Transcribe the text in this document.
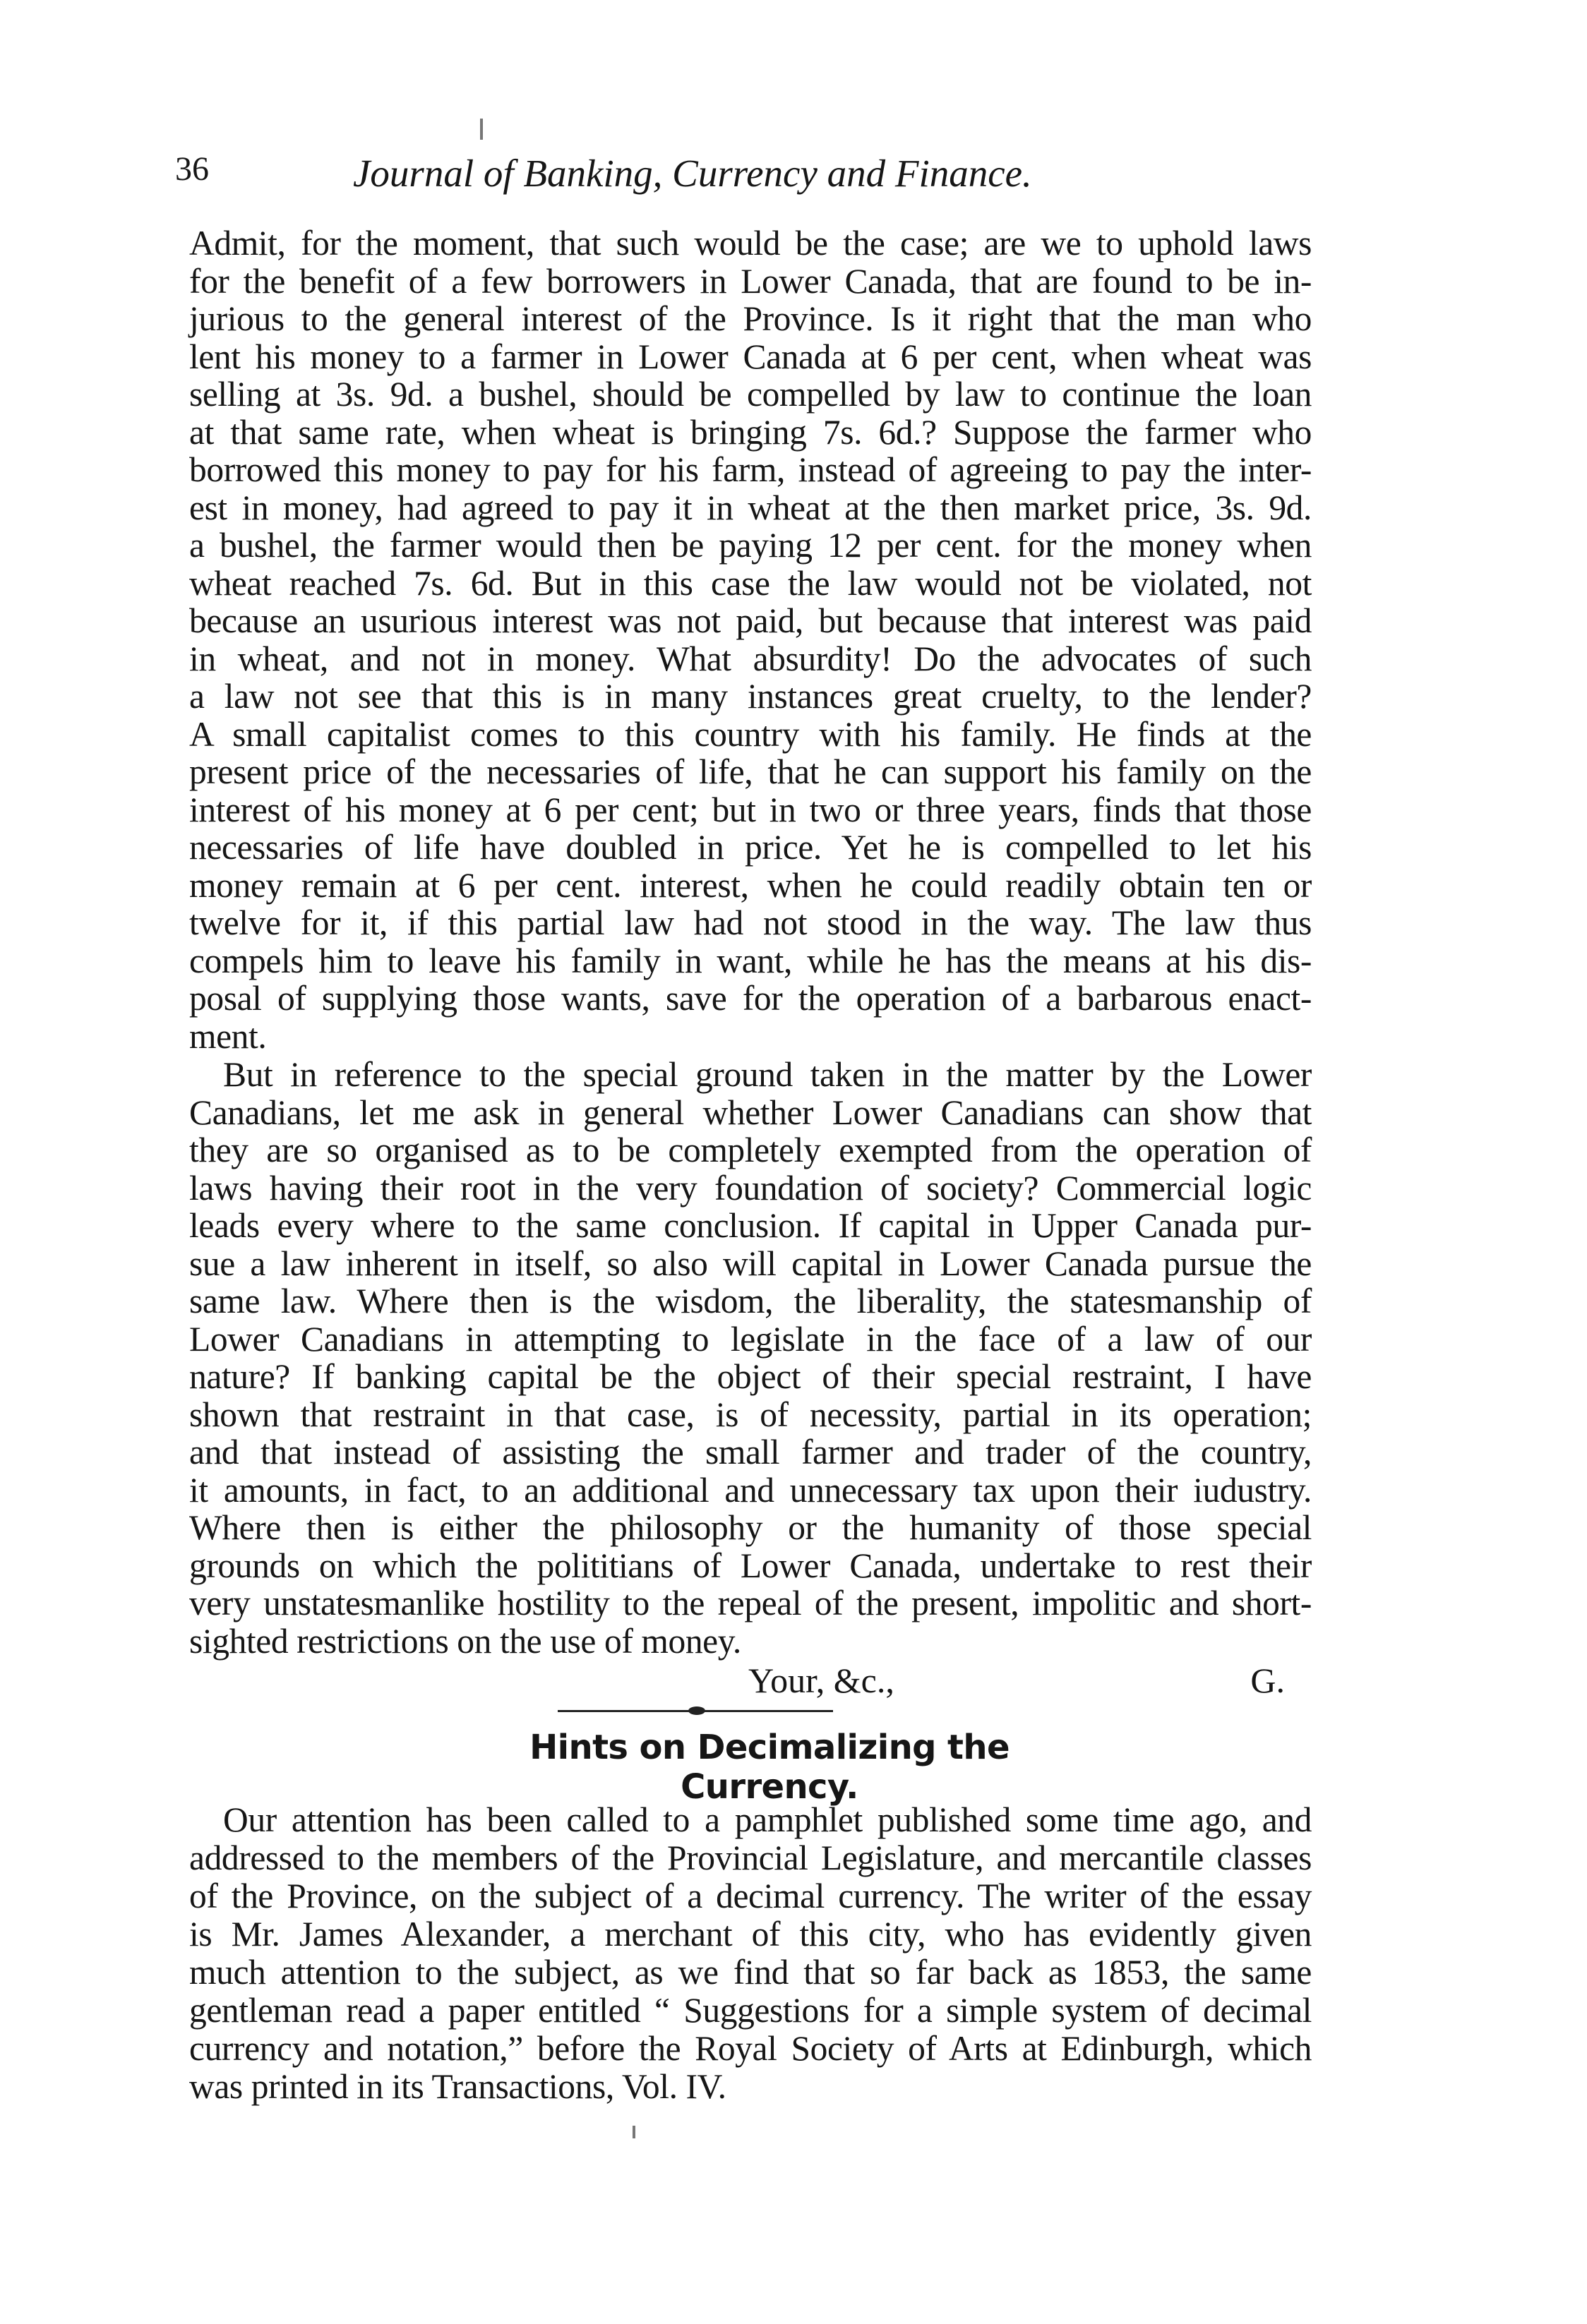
36	Journal of Banking, Currency and Finance.
Admit, for the moment, that such would be the case; are we to uphold laws
for the benefit of a few borrowers in Lower Canada, that are found to be in-
jurious to the general interest of the Province. Is it right that the man who
lent his money to a farmer in Lower Canada at 6 per cent, when wheat was
selling at 3s. 9d. a bushel, should be compelled by law to continue the loan
at that same rate, when wheat is bringing 7s. 6d.? Suppose the farmer who
borrowed this money to pay for his farm, instead of agreeing to pay the inter-
est in money, had agreed to pay it in wheat at the then market price, 3s. 9d.
a bushel, the farmer would then be paying 12 per cent. for the money when
wheat reached 7s. 6d. But in this case the law would not be violated, not
because an usurious interest was not paid, but because that interest was paid
in wheat, and not in money. What absurdity! Do the advocates of such
a law not see that this is in many instances great cruelty, to the lender?
A small capitalist comes to this country with his family. He finds at the
present price of the necessaries of life, that he can support his family on the
interest of his money at 6 per cent; but in two or three years, finds that those
necessaries of life have doubled in price. Yet he is compelled to let his
money remain at 6 per cent. interest, when he could readily obtain ten or
twelve for it, if this partial law had not stood in the way. The law thus
compels him to leave his family in want, while he has the means at his dis-
posal of supplying those wants, save for the operation of a barbarous enact-
ment.
But in reference to the special ground taken in the matter by the Lower
Canadians, let me ask in general whether Lower Canadians can show that
they are so organised as to be completely exempted from the operation of
laws having their root in the very foundation of society? Commercial logic
leads every where to the same conclusion. If capital in Upper Canada pur-
sue a law inherent in itself, so also will capital in Lower Canada pursue the
same law. Where then is the wisdom, the liberality, the statesmanship of
Lower Canadians in attempting to legislate in the face of a law of our
nature? If banking capital be the object of their special restraint, I have
shown that restraint in that case, is of necessity, partial in its operation;
and that instead of assisting the small farmer and trader of the country,
it amounts, in fact, to an additional and unnecessary tax upon their iudustry.
Where then is either the philosophy or the humanity of those special
grounds on which the polititians of Lower Canada, undertake to rest their
very unstatesmanlike hostility to the repeal of the present, impolitic and short-
sighted restrictions on the use of money.
Your, &c.,	G.
Hints on Decimalizing the Currency.
Our attention has been called to a pamphlet published some time ago, and
addressed to the members of the Provincial Legislature, and mercantile classes
of the Province, on the subject of a decimal currency. The writer of the essay
is Mr. James Alexander, a merchant of this city, who has evidently given
much attention to the subject, as we find that so far back as 1853, the same
gentleman read a paper entitled “ Suggestions for a simple system of decimal
currency and notation,” before the Royal Society of Arts at Edinburgh, which
was printed in its Transactions, Vol. IV.
